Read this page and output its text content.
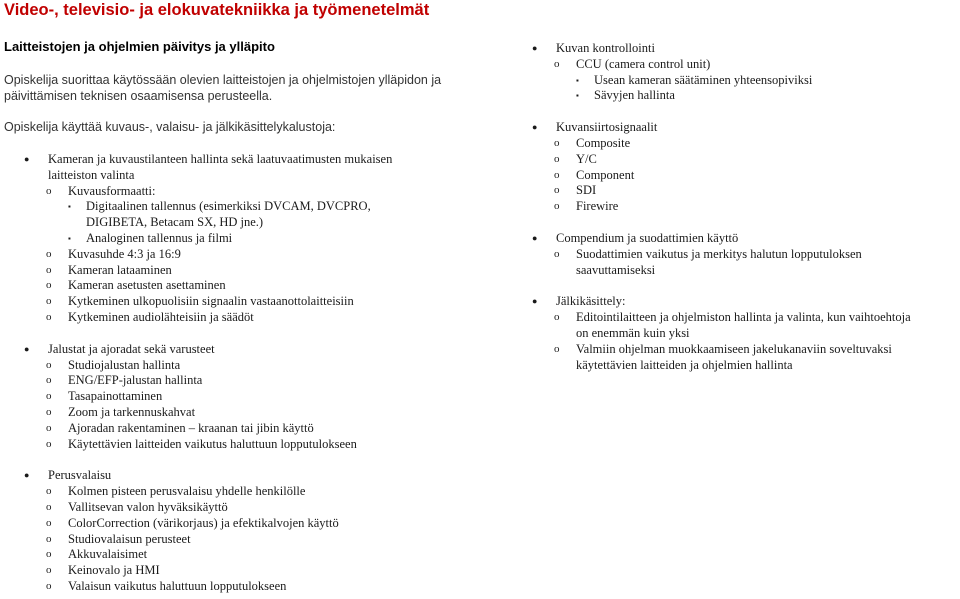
Video-, televisio- ja elokuvatekniikka ja työmenetelmät
Laitteistojen ja ohjelmien päivitys ja ylläpito
Opiskelija suorittaa käytössään olevien laitteistojen ja ohjelmistojen ylläpidon ja
päivittämisen teknisen osaamisensa perusteella.
Opiskelija käyttää kuvaus-, valaisu- ja jälkikäsittelykalustoja:
● Kameran ja kuvaustilanteen hallinta sekä laatuvaatimusten mukaisen
laitteiston valinta
o Kuvausformaatti:
▪ Digitaalinen tallennus (esimerkiksi DVCAM, DVCPRO,
DIGIBETA, Betacam SX, HD jne.)
▪ Analoginen tallennus ja filmi
o Kuvasuhde 4:3 ja 16:9
o Kameran lataaminen
o Kameran asetusten asettaminen
o Kytkeminen ulkopuolisiin signaalin vastaanottolaitteisiin
o Kytkeminen audiolähteisiin ja säädöt
● Jalustat ja ajoradat sekä varusteet
o Studiojalustan hallinta
o ENG/EFP-jalustan hallinta
o Tasapainottaminen
o Zoom ja tarkennuskahvat
o Ajoradan rakentaminen – kraanan tai jibin käyttö
o Käytettävien laitteiden vaikutus haluttuun lopputulokseen
● Perusvalaisu
o Kolmen pisteen perusvalaisu yhdelle henkilölle
o Vallitsevan valon hyväksikäyttö
o ColorCorrection (värikorjaus) ja efektikalvojen käyttö
o Studiovalaisun perusteet
o Akkuvalaisimet
o Keinovalo ja HMI
o Valaisun vaikutus haluttuun lopputulokseen
● Kuvan kontrollointi
o CCU (camera control unit)
▪ Usean kameran säätäminen yhteensopiviksi
▪ Sävyjen hallinta
● Kuvansiirtosignaalit
o Composite
o Y/C
o Component
o SDI
o Firewire
● Compendium ja suodattimien käyttö
o Suodattimien vaikutus ja merkitys halutun lopputuloksen
saavuttamiseksi
● Jälkikäsittely:
o Editointilaitteen ja ohjelmiston hallinta ja valinta, kun vaihtoehtoja
on enemmän kuin yksi
o Valmiin ohjelman muokkaamiseen jakelukanaviin soveltuvaksi
käytettävien laitteiden ja ohjelmien hallinta
